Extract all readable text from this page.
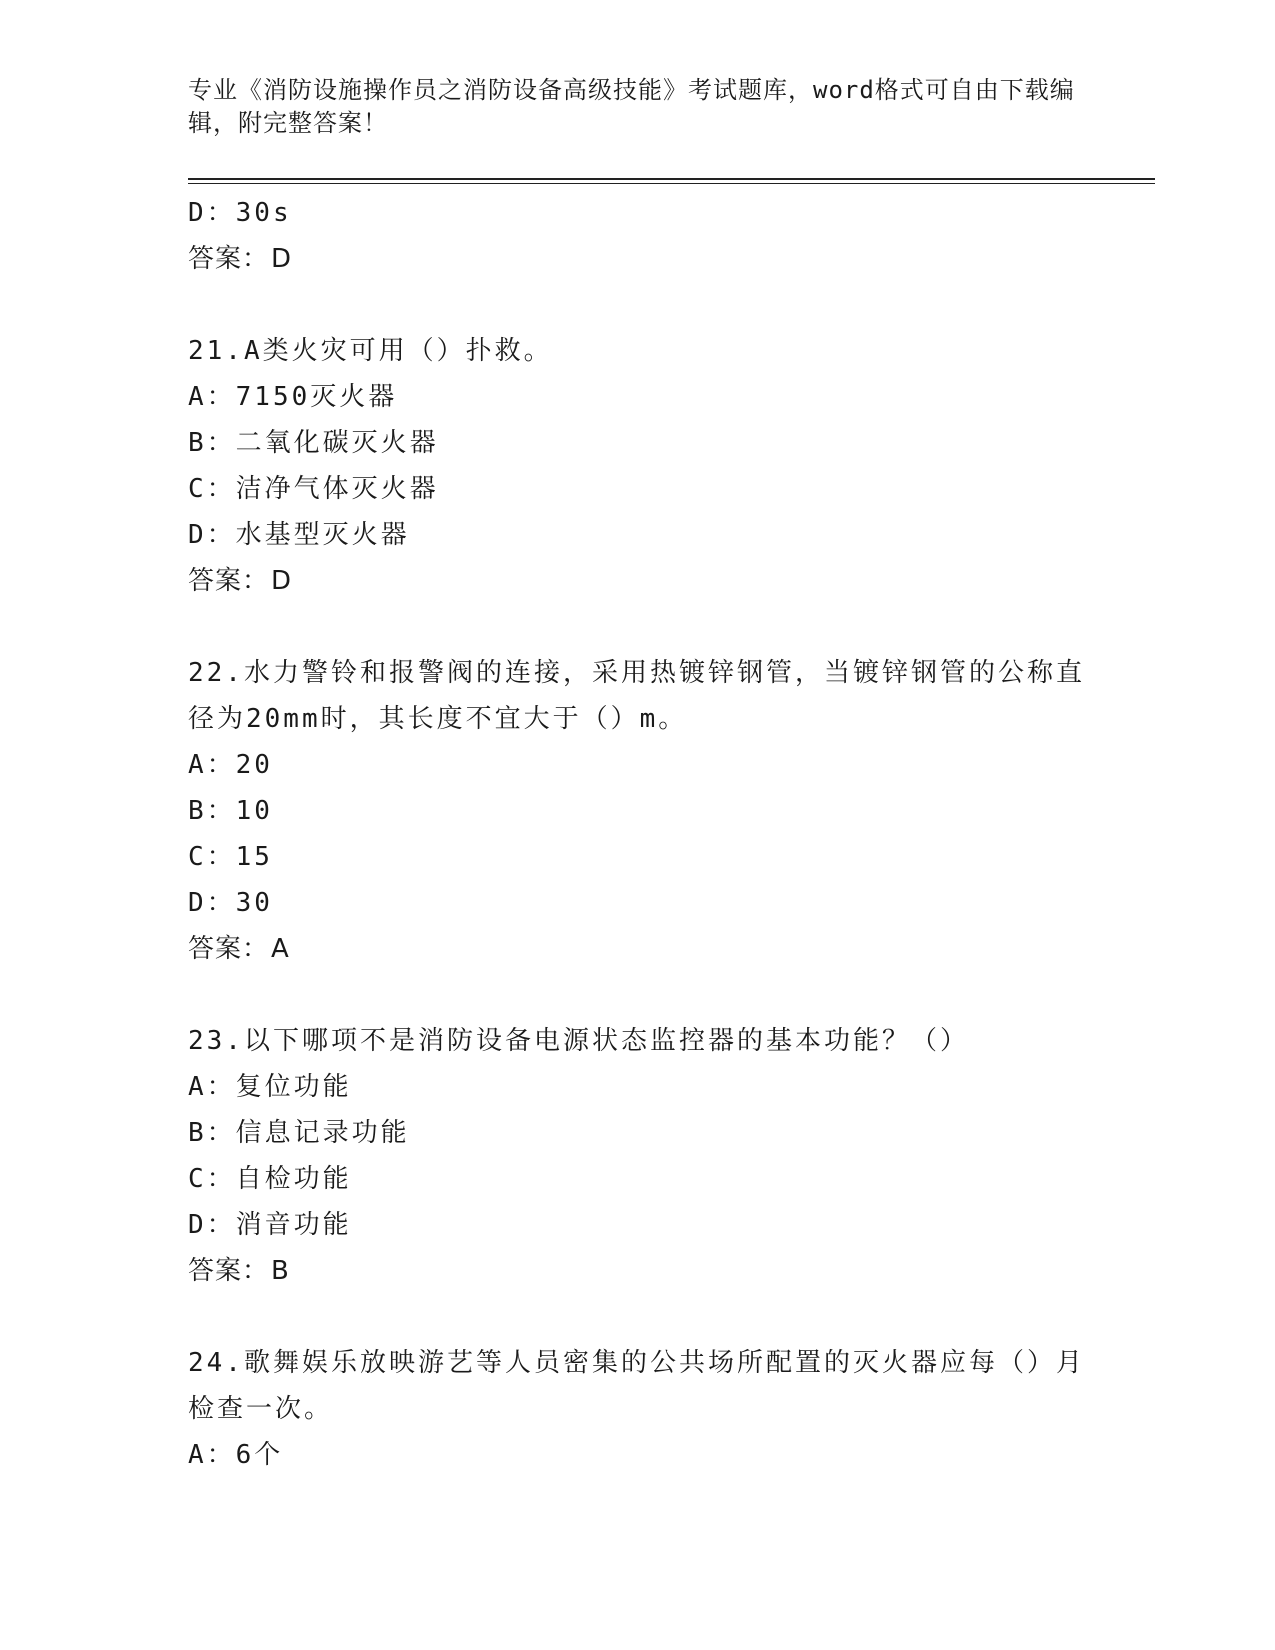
专业《消防设施操作员之消防设备高级技能》考试题库，word格式可自由下载编辑，附完整答案！
D：30s
答案：D
21.A类火灾可用（）扑救。
A：7150灭火器
B：二氧化碳灭火器
C：洁净气体灭火器
D：水基型灭火器
答案：D
22.水力警铃和报警阀的连接，采用热镀锌钢管，当镀锌钢管的公称直径为20mm时，其长度不宜大于（）m。
A：20
B：10
C：15
D：30
答案：A
23.以下哪项不是消防设备电源状态监控器的基本功能？（）
A：复位功能
B：信息记录功能
C：自检功能
D：消音功能
答案：B
24.歌舞娱乐放映游艺等人员密集的公共场所配置的灭火器应每（）月检查一次。
A：6个
